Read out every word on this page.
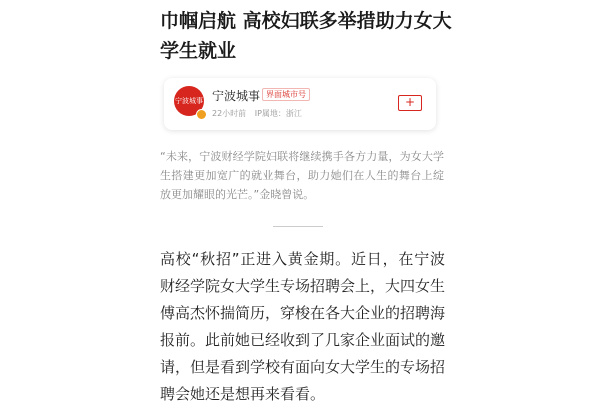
巾帼启航 高校妇联多举措助力女大学生就业
宁波城事 宁波城事 界面城市号
22小时前 IP属地：浙江
+
“未来，宁波财经学院妇联将继续携手各方力量，为女大学生搭建更加宽广的就业舞台，助力她们在人生的舞台上绽放更加耀眼的光芒。”金晓曾说。
高校“秋招”正进入黄金期。近日，在宁波财经学院女大学生专场招聘会上，大四女生傅高杰怀揣简历，穿梭在各大企业的招聘海报前。此前她已经收到了几家企业面试的邀请，但是看到学校有面向女大学生的专场招聘会她还是想再来看看。
